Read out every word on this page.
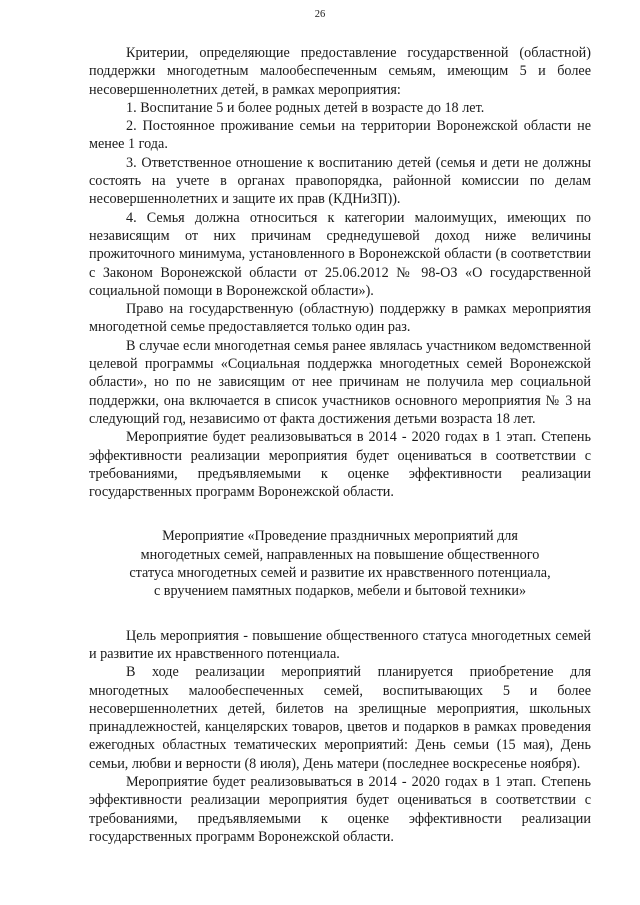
26

Критерии, определяющие предоставление государственной (областной) поддержки многодетным малообеспеченным семьям, имеющим 5 и более несовершеннолетних детей, в рамках мероприятия:

1. Воспитание 5 и более родных детей в возрасте до 18 лет.

2. Постоянное проживание семьи на территории Воронежской области не менее 1 года.

3. Ответственное отношение к воспитанию детей (семья и дети не должны состоять на учете в органах правопорядка, районной комиссии по делам несовершеннолетних и защите их прав (КДНиЗП)).

4. Семья должна относиться к категории малоимущих, имеющих по независящим от них причинам среднедушевой доход ниже величины прожиточного минимума, установленного в Воронежской области (в соответствии с Законом Воронежской области от 25.06.2012 № 98-ОЗ «О государственной социальной помощи в Воронежской области»).

Право на государственную (областную) поддержку в рамках мероприятия многодетной семье предоставляется только один раз.

В случае если многодетная семья ранее являлась участником ведомственной целевой программы «Социальная поддержка многодетных семей Воронежской области», но по не зависящим от нее причинам не получила мер социальной поддержки, она включается в список участников основного мероприятия № 3 на следующий год, независимо от факта достижения детьми возраста 18 лет.

Мероприятие будет реализовываться в 2014 - 2020 годах в 1 этап. Степень эффективности реализации мероприятия будет оцениваться в соответствии с требованиями, предъявляемыми к оценке эффективности реализации государственных программ Воронежской области.

Мероприятие «Проведение праздничных мероприятий для многодетных семей, направленных на повышение общественного статуса многодетных семей и развитие их нравственного потенциала, с вручением памятных подарков, мебели и бытовой техники»

Цель мероприятия - повышение общественного статуса многодетных семей и развитие их нравственного потенциала.

В ходе реализации мероприятий планируется приобретение для многодетных малообеспеченных семей, воспитывающих 5 и более несовершеннолетних детей, билетов на зрелищные мероприятия, школьных принадлежностей, канцелярских товаров, цветов и подарков в рамках проведения ежегодных областных тематических мероприятий: День семьи (15 мая), День семьи, любви и верности (8 июля), День матери (последнее воскресенье ноября).

Мероприятие будет реализовываться в 2014 - 2020 годах в 1 этап. Степень эффективности реализации мероприятия будет оцениваться в соответствии с требованиями, предъявляемыми к оценке эффективности реализации государственных программ Воронежской области.
